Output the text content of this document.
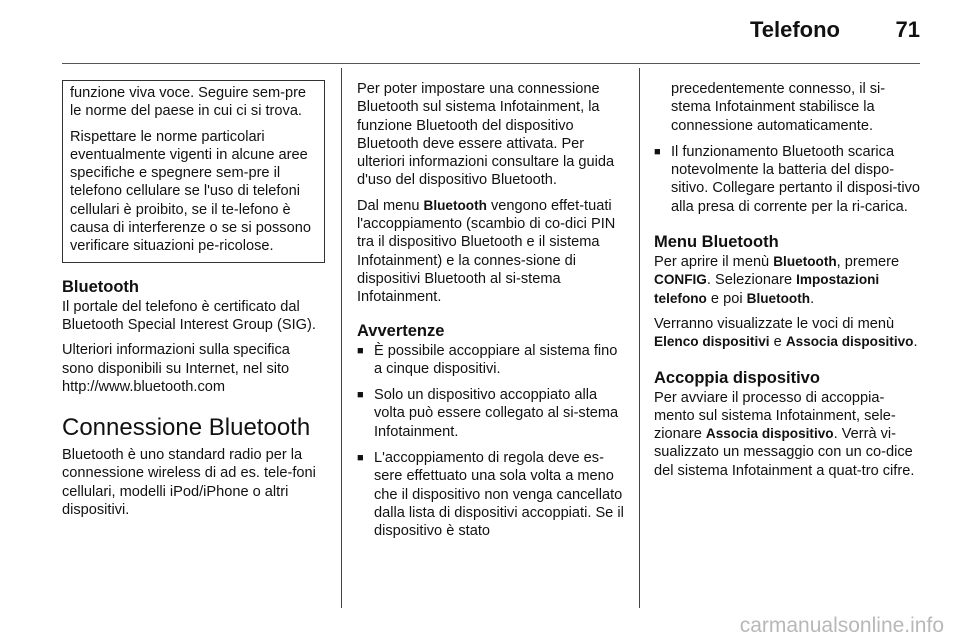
Telefono	71

funzione viva voce. Seguire sem-pre le norme del paese in cui ci si trova.

Rispettare le norme particolari eventualmente vigenti in alcune aree specifiche e spegnere sem-pre il telefono cellulare se l'uso di telefoni cellulari è proibito, se il te-lefono è causa di interferenze o se si possono verificare situazioni pe-ricolose.

Bluetooth

Il portale del telefono è certificato dal Bluetooth Special Interest Group (SIG).

Ulteriori informazioni sulla specifica sono disponibili su Internet, nel sito http://www.bluetooth.com

Connessione Bluetooth

Bluetooth è uno standard radio per la connessione wireless di ad es. tele-foni cellulari, modelli iPod/iPhone o altri dispositivi.

Per poter impostare una connessione Bluetooth sul sistema Infotainment, la funzione Bluetooth del dispositivo Bluetooth deve essere attivata. Per ulteriori informazioni consultare la guida d'uso del dispositivo Bluetooth.

Dal menu Bluetooth vengono effet-tuati l'accoppiamento (scambio di co-dici PIN tra il dispositivo Bluetooth e il sistema Infotainment) e la connes-sione di dispositivi Bluetooth al si-stema Infotainment.

Avvertenze
■ È possibile accoppiare al sistema fino a cinque dispositivi.
■ Solo un dispositivo accoppiato alla volta può essere collegato al si-stema Infotainment.
■ L'accoppiamento di regola deve es-sere effettuato una sola volta a meno che il dispositivo non venga cancellato dalla lista di dispositivi accoppiati. Se il dispositivo è stato
precedentemente connesso, il si-stema Infotainment stabilisce la connessione automaticamente.
■ Il funzionamento Bluetooth scarica notevolmente la batteria del dispo-sitivo. Collegare pertanto il disposi-tivo alla presa di corrente per la ri-carica.
Menu Bluetooth

Per aprire il menù Bluetooth, premere CONFIG. Selezionare Impostazioni telefono e poi Bluetooth.

Verranno visualizzate le voci di menù Elenco dispositivi e Associa dispositivo.

Accoppia dispositivo

Per avviare il processo di accoppia-mento sul sistema Infotainment, sele-zionare Associa dispositivo. Verrà vi-sualizzato un messaggio con un co-dice del sistema Infotainment a quat-tro cifre.

carmanualsonline.info
